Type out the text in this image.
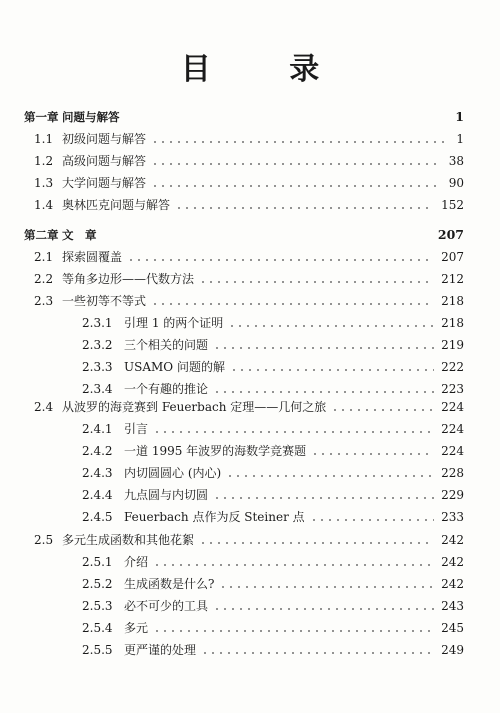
目 录
第一章 问题与解答	1
1.1 初级问题与解答	1
1.2 高级问题与解答	38
1.3 大学问题与解答	90
1.4 奥林匹克问题与解答	152
第二章 文　章	207
2.1 探索圆覆盖	207
2.2 等角多边形——代数方法	212
2.3 一些初等不等式	218
2.3.1 引理 1 的两个证明	218
2.3.2 三个相关的问题	219
2.3.3 USAMO 问题的解	222
2.3.4 一个有趣的推论	223
2.4 从波罗的海竞赛到 Feuerbach 定理——几何之旅	224
2.4.1 引言	224
2.4.2 一道 1995 年波罗的海数学竞赛题	224
2.4.3 内切圆圆心 (内心)	228
2.4.4 九点圆与内切圆	229
2.4.5 Feuerbach 点作为反 Steiner 点	233
2.5 多元生成函数和其他花絮	242
2.5.1 介绍	242
2.5.2 生成函数是什么?	242
2.5.3 必不可少的工具	243
2.5.4 多元	245
2.5.5 更严谨的处理	249
